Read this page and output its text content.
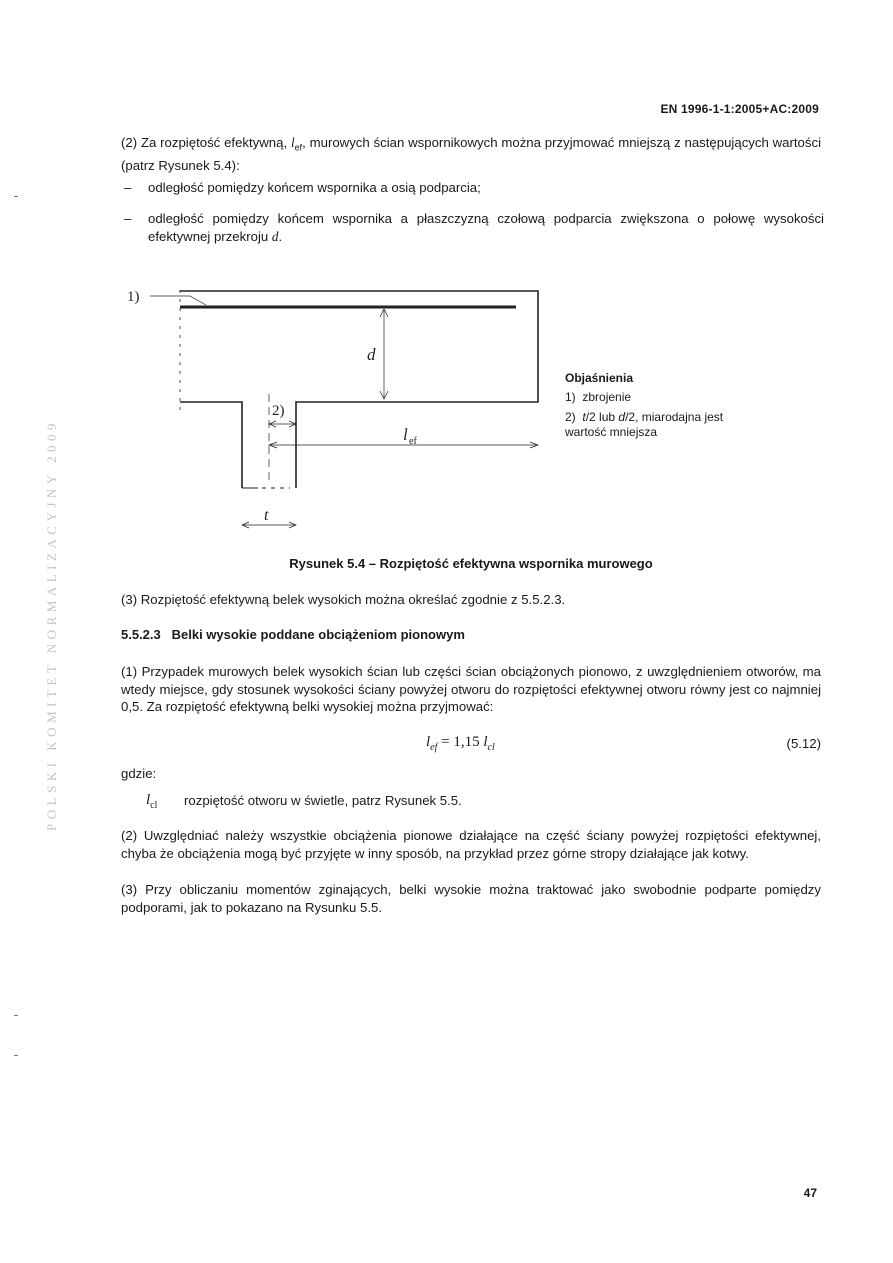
EN 1996-1-1:2005+AC:2009
(2) Za rozpiętość efektywną, $l_{ef}$, murowych ścian wspornikowych można przyjmować mniejszą z następujących wartości (patrz Rysunek 5.4):
– odległość pomiędzy końcem wspornika a osią podparcia;
– odległość pomiędzy końcem wspornika a płaszczyzną czołową podparcia zwiększona o połowę wysokości efektywnej przekroju d.
1)
2)
d
l ef
t
Objaśnienia
1) zbrojenie
2) t/2 lub d/2, miarodajna jest wartość mniejsza
Rysunek 5.4 – Rozpiętość efektywna wspornika murowego
(3) Rozpiętość efektywną belek wysokich można określać zgodnie z 5.5.2.3.
5.5.2.3 Belki wysokie poddane obciążeniom pionowym
(1) Przypadek murowych belek wysokich ścian lub części ścian obciążonych pionowo, z uwzględnieniem otworów, ma wtedy miejsce, gdy stosunek wysokości ściany powyżej otworu do rozpiętości efektywnej otworu równy jest co najmniej 0,5. Za rozpiętość efektywną belki wysokiej można przyjmować:
$l_{ef} = 1,15$ $l_{cl}$	(5.12)
gdzie:
$l_{cl}$ rozpiętość otworu w świetle, patrz Rysunek 5.5.
(2) Uwzględniać należy wszystkie obciążenia pionowe działające na część ściany powyżej rozpiętości efektywnej, chyba że obciążenia mogą być przyjęte w inny sposób, na przykład przez górne stropy działające jak kotwy.
(3) Przy obliczaniu momentów zginających, belki wysokie można traktować jako swobodnie podparte pomiędzy podporami, jak to pokazano na Rysunku 5.5.
47
POLSKI KOMITET NORMALIZACYJNY 2009
